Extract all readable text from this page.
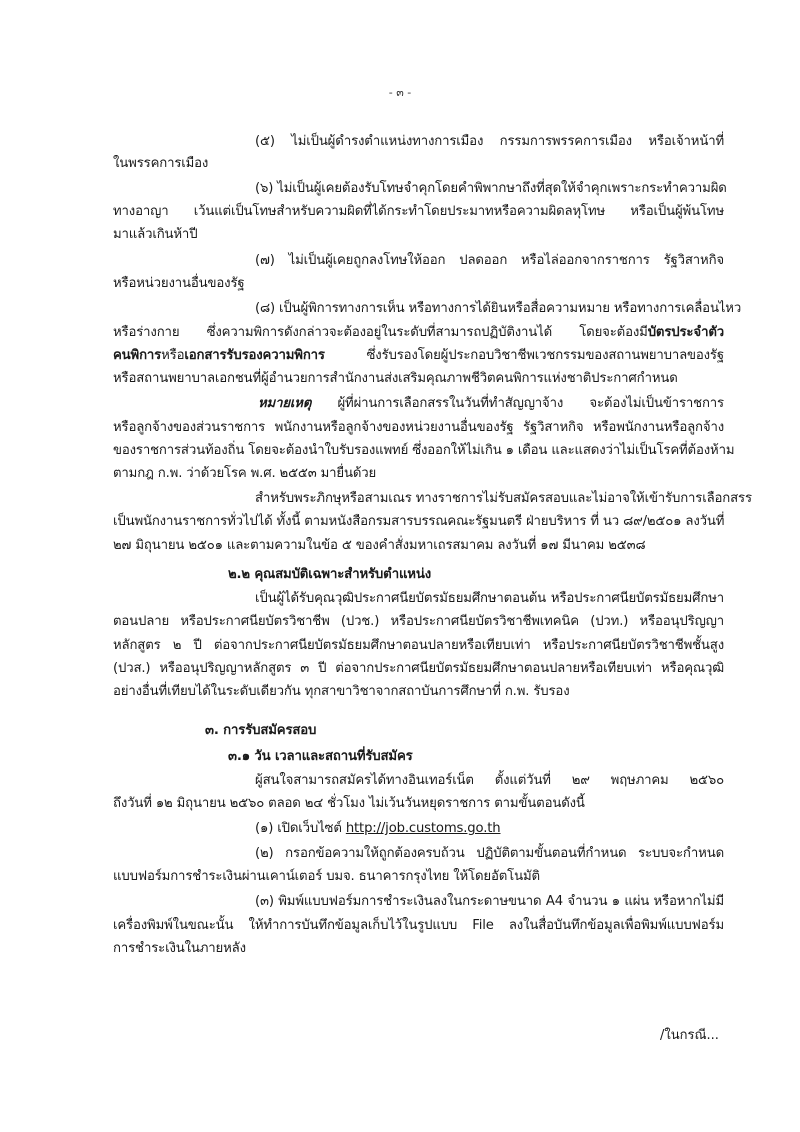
- ๓ -
(๕) ไม่เป็นผู้ดำรงตำแหน่งทางการเมือง กรรมการพรรคการเมือง หรือเจ้าหน้าที่
ในพรรคการเมือง
(๖) ไม่เป็นผู้เคยต้องรับโทษจำคุกโดยคำพิพากษาถึงที่สุดให้จำคุกเพราะกระทำความผิด
ทางอาญา เว้นแต่เป็นโทษสำหรับความผิดที่ได้กระทำโดยประมาทหรือความผิดลหุโทษ หรือเป็นผู้พ้นโทษ
มาแล้วเกินห้าปี
(๗) ไม่เป็นผู้เคยถูกลงโทษให้ออก ปลดออก หรือไล่ออกจากราชการ รัฐวิสาหกิจ
หรือหน่วยงานอื่นของรัฐ
(๘) เป็นผู้พิการทางการเห็น หรือทางการได้ยินหรือสื่อความหมาย หรือทางการเคลื่อนไหว
หรือร่างกาย ซึ่งความพิการดังกล่าวจะต้องอยู่ในระดับที่สามารถปฏิบัติงานได้ โดยจะต้องมีบัตรประจำตัว
คนพิการหรือเอกสารรับรองความพิการ ซึ่งรับรองโดยผู้ประกอบวิชาชีพเวชกรรมของสถานพยาบาลของรัฐ
หรือสถานพยาบาลเอกชนที่ผู้อำนวยการสำนักงานส่งเสริมคุณภาพชีวิตคนพิการแห่งชาติประกาศกำหนด
หมายเหตุ ผู้ที่ผ่านการเลือกสรรในวันที่ทำสัญญาจ้าง จะต้องไม่เป็นข้าราชการ
หรือลูกจ้างของส่วนราชการ พนักงานหรือลูกจ้างของหน่วยงานอื่นของรัฐ รัฐวิสาหกิจ หรือพนักงานหรือลูกจ้าง
ของราชการส่วนท้องถิ่น โดยจะต้องนำใบรับรองแพทย์ ซึ่งออกให้ไม่เกิน ๑ เดือน และแสดงว่าไม่เป็นโรคที่ต้องห้าม
ตามกฎ ก.พ. ว่าด้วยโรค พ.ศ. ๒๕๕๓ มายื่นด้วย
สำหรับพระภิกษุหรือสามเณร ทางราชการไม่รับสมัครสอบและไม่อาจให้เข้ารับการเลือกสรร
เป็นพนักงานราชการทั่วไปได้ ทั้งนี้ ตามหนังสือกรมสารบรรณคณะรัฐมนตรี ฝ่ายบริหาร ที่ นว ๘๙/๒๕๐๑ ลงวันที่
๒๗ มิถุนายน ๒๕๐๑ และตามความในข้อ ๕ ของคำสั่งมหาเถรสมาคม ลงวันที่ ๑๗ มีนาคม ๒๕๓๘
๒.๒ คุณสมบัติเฉพาะสำหรับตำแหน่ง
เป็นผู้ได้รับคุณวุฒิประกาศนียบัตรมัธยมศึกษาตอนต้น หรือประกาศนียบัตรมัธยมศึกษา
ตอนปลาย หรือประกาศนียบัตรวิชาชีพ (ปวช.) หรือประกาศนียบัตรวิชาชีพเทคนิค (ปวท.) หรืออนุปริญญา
หลักสูตร ๒ ปี ต่อจากประกาศนียบัตรมัธยมศึกษาตอนปลายหรือเทียบเท่า หรือประกาศนียบัตรวิชาชีพชั้นสูง
(ปวส.) หรืออนุปริญญาหลักสูตร ๓ ปี ต่อจากประกาศนียบัตรมัธยมศึกษาตอนปลายหรือเทียบเท่า หรือคุณวุฒิ
อย่างอื่นที่เทียบได้ในระดับเดียวกัน ทุกสาขาวิชาจากสถาบันการศึกษาที่ ก.พ. รับรอง
๓. การรับสมัครสอบ
๓.๑ วัน เวลาและสถานที่รับสมัคร
ผู้สนใจสามารถสมัครได้ทางอินเทอร์เน็ต ตั้งแต่วันที่ ๒๙ พฤษภาคม ๒๕๖๐
ถึงวันที่ ๑๒ มิถุนายน ๒๕๖๐ ตลอด ๒๔ ชั่วโมง ไม่เว้นวันหยุดราชการ ตามขั้นตอนดังนี้
(๑) เปิดเว็บไซต์ http://job.customs.go.th
(๒) กรอกข้อความให้ถูกต้องครบถ้วน ปฏิบัติตามขั้นตอนที่กำหนด ระบบจะกำหนด
แบบฟอร์มการชำระเงินผ่านเคาน์เตอร์ บมจ. ธนาคารกรุงไทย ให้โดยอัตโนมัติ
(๓) พิมพ์แบบฟอร์มการชำระเงินลงในกระดาษขนาด A4 จำนวน ๑ แผ่น หรือหากไม่มี
เครื่องพิมพ์ในขณะนั้น ให้ทำการบันทึกข้อมูลเก็บไว้ในรูปแบบ File ลงในสื่อบันทึกข้อมูลเพื่อพิมพ์แบบฟอร์ม
การชำระเงินในภายหลัง
/ในกรณี...
